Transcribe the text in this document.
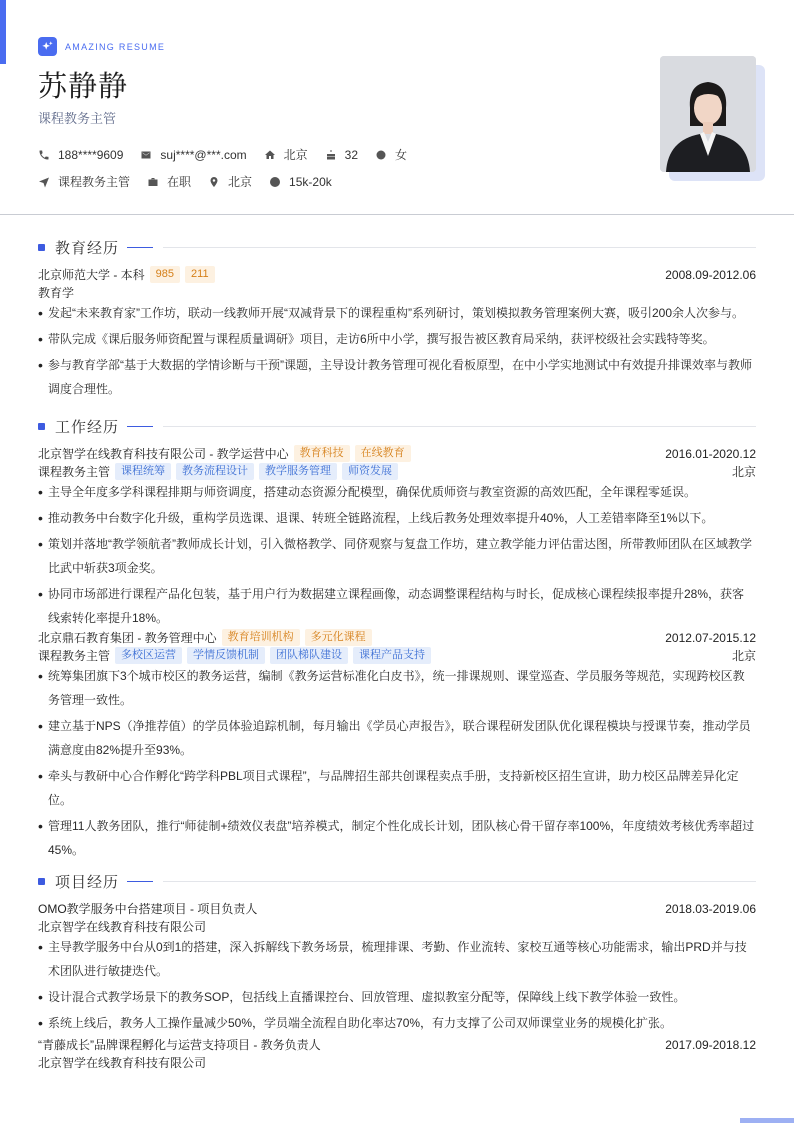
AMAZING RESUME
苏静静
课程教务主管
188****9609	suj****@***.com	北京	32	女
课程教务主管	在职	北京	15k-20k
教育经历
北京师范大学 - 本科	985	211	2008.09-2012.06
教育学
• 发起“未来教育家”工作坊，联动一线教师开展“双减背景下的课程重构”系列研讨，策划模拟教务管理案例大赛，吸引200余人次参与。
• 带队完成《课后服务师资配置与课程质量调研》项目，走访6所中小学，撰写报告被区教育局采纳，获评校级社会实践特等奖。
• 参与教育学部“基于大数据的学情诊断与干预”课题，主导设计教务管理可视化看板原型，在中小学实地测试中有效提升排课效率与教师调度合理性。
工作经历
北京智学在线教育科技有限公司 - 教学运营中心	教育科技	在线教育	2016.01-2020.12
课程教务主管	课程统筹	教务流程设计	教学服务管理	师资发展	北京
• 主导全年度多学科课程排期与师资调度，搭建动态资源分配模型，确保优质师资与教室资源的高效匹配，全年课程零延误。
• 推动教务中台数字化升级，重构学员选课、退课、转班全链路流程，上线后教务处理效率提升40%，人工差错率降至1%以下。
• 策划并落地“教学领航者”教师成长计划，引入微格教学、同侪观察与复盘工作坊，建立教学能力评估雷达图，所带教师团队在区域教学比武中斩获3项金奖。
• 协同市场部进行课程产品化包装，基于用户行为数据建立课程画像，动态调整课程结构与时长，促成核心课程续报率提升28%，获客线索转化率提升18%。
北京鼎石教育集团 - 教务管理中心	教育培训机构	多元化课程	2012.07-2015.12
课程教务主管	多校区运营	学情反馈机制	团队梯队建设	课程产品支持	北京
• 统筹集团旗下3个城市校区的教务运营，编制《教务运营标准化白皮书》，统一排课规则、课堂巡查、学员服务等规范，实现跨校区教务管理一致性。
• 建立基于NPS（净推荐值）的学员体验追踪机制，每月输出《学员心声报告》，联合课程研发团队优化课程模块与授课节奏，推动学员满意度由82%提升至93%。
• 牵头与教研中心合作孵化“跨学科PBL项目式课程”，与品牌招生部共创课程卖点手册，支持新校区招生宣讲，助力校区品牌差异化定位。
• 管理11人教务团队，推行“师徒制+绩效仪表盘”培养模式，制定个性化成长计划，团队核心骨干留存率100%，年度绩效考核优秀率超过45%。
项目经历
OMO教学服务中台搭建项目 - 项目负责人	2018.03-2019.06
北京智学在线教育科技有限公司
• 主导教学服务中台从0到1的搭建，深入拆解线下教务场景，梳理排课、考勤、作业流转、家校互通等核心功能需求，输出PRD并与技术团队进行敏捷迭代。
• 设计混合式教学场景下的教务SOP，包括线上直播课控台、回放管理、虚拟教室分配等，保障线上线下教学体验一致性。
• 系统上线后，教务人工操作量减少50%，学员端全流程自助化率达70%，有力支撑了公司双师课堂业务的规模化扩张。
“青藤成长”品牌课程孵化与运营支持项目 - 教务负责人	2017.09-2018.12
北京智学在线教育科技有限公司
